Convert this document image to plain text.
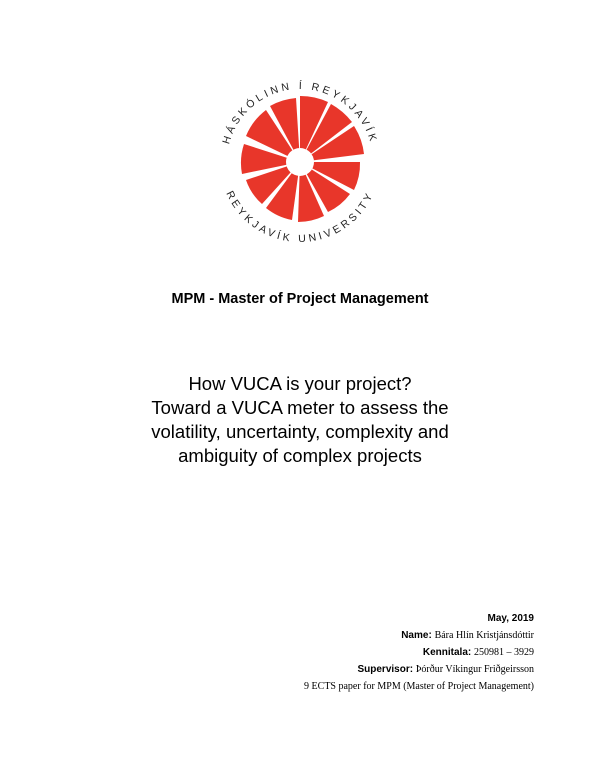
HÁSKÓLINN Í REYKJAVÍK
REYKJAVÍK UNIVERSITY
MPM - Master of Project Management
How VUCA is your project?
Toward a VUCA meter to assess the
volatility, uncertainty, complexity and
ambiguity of complex projects
May, 2019
Name: Bára Hlín Kristjánsdóttir
Kennitala: 250981 – 3929
Supervisor: Þórður Víkingur Friðgeirsson
9 ECTS paper for MPM (Master of Project Management)
